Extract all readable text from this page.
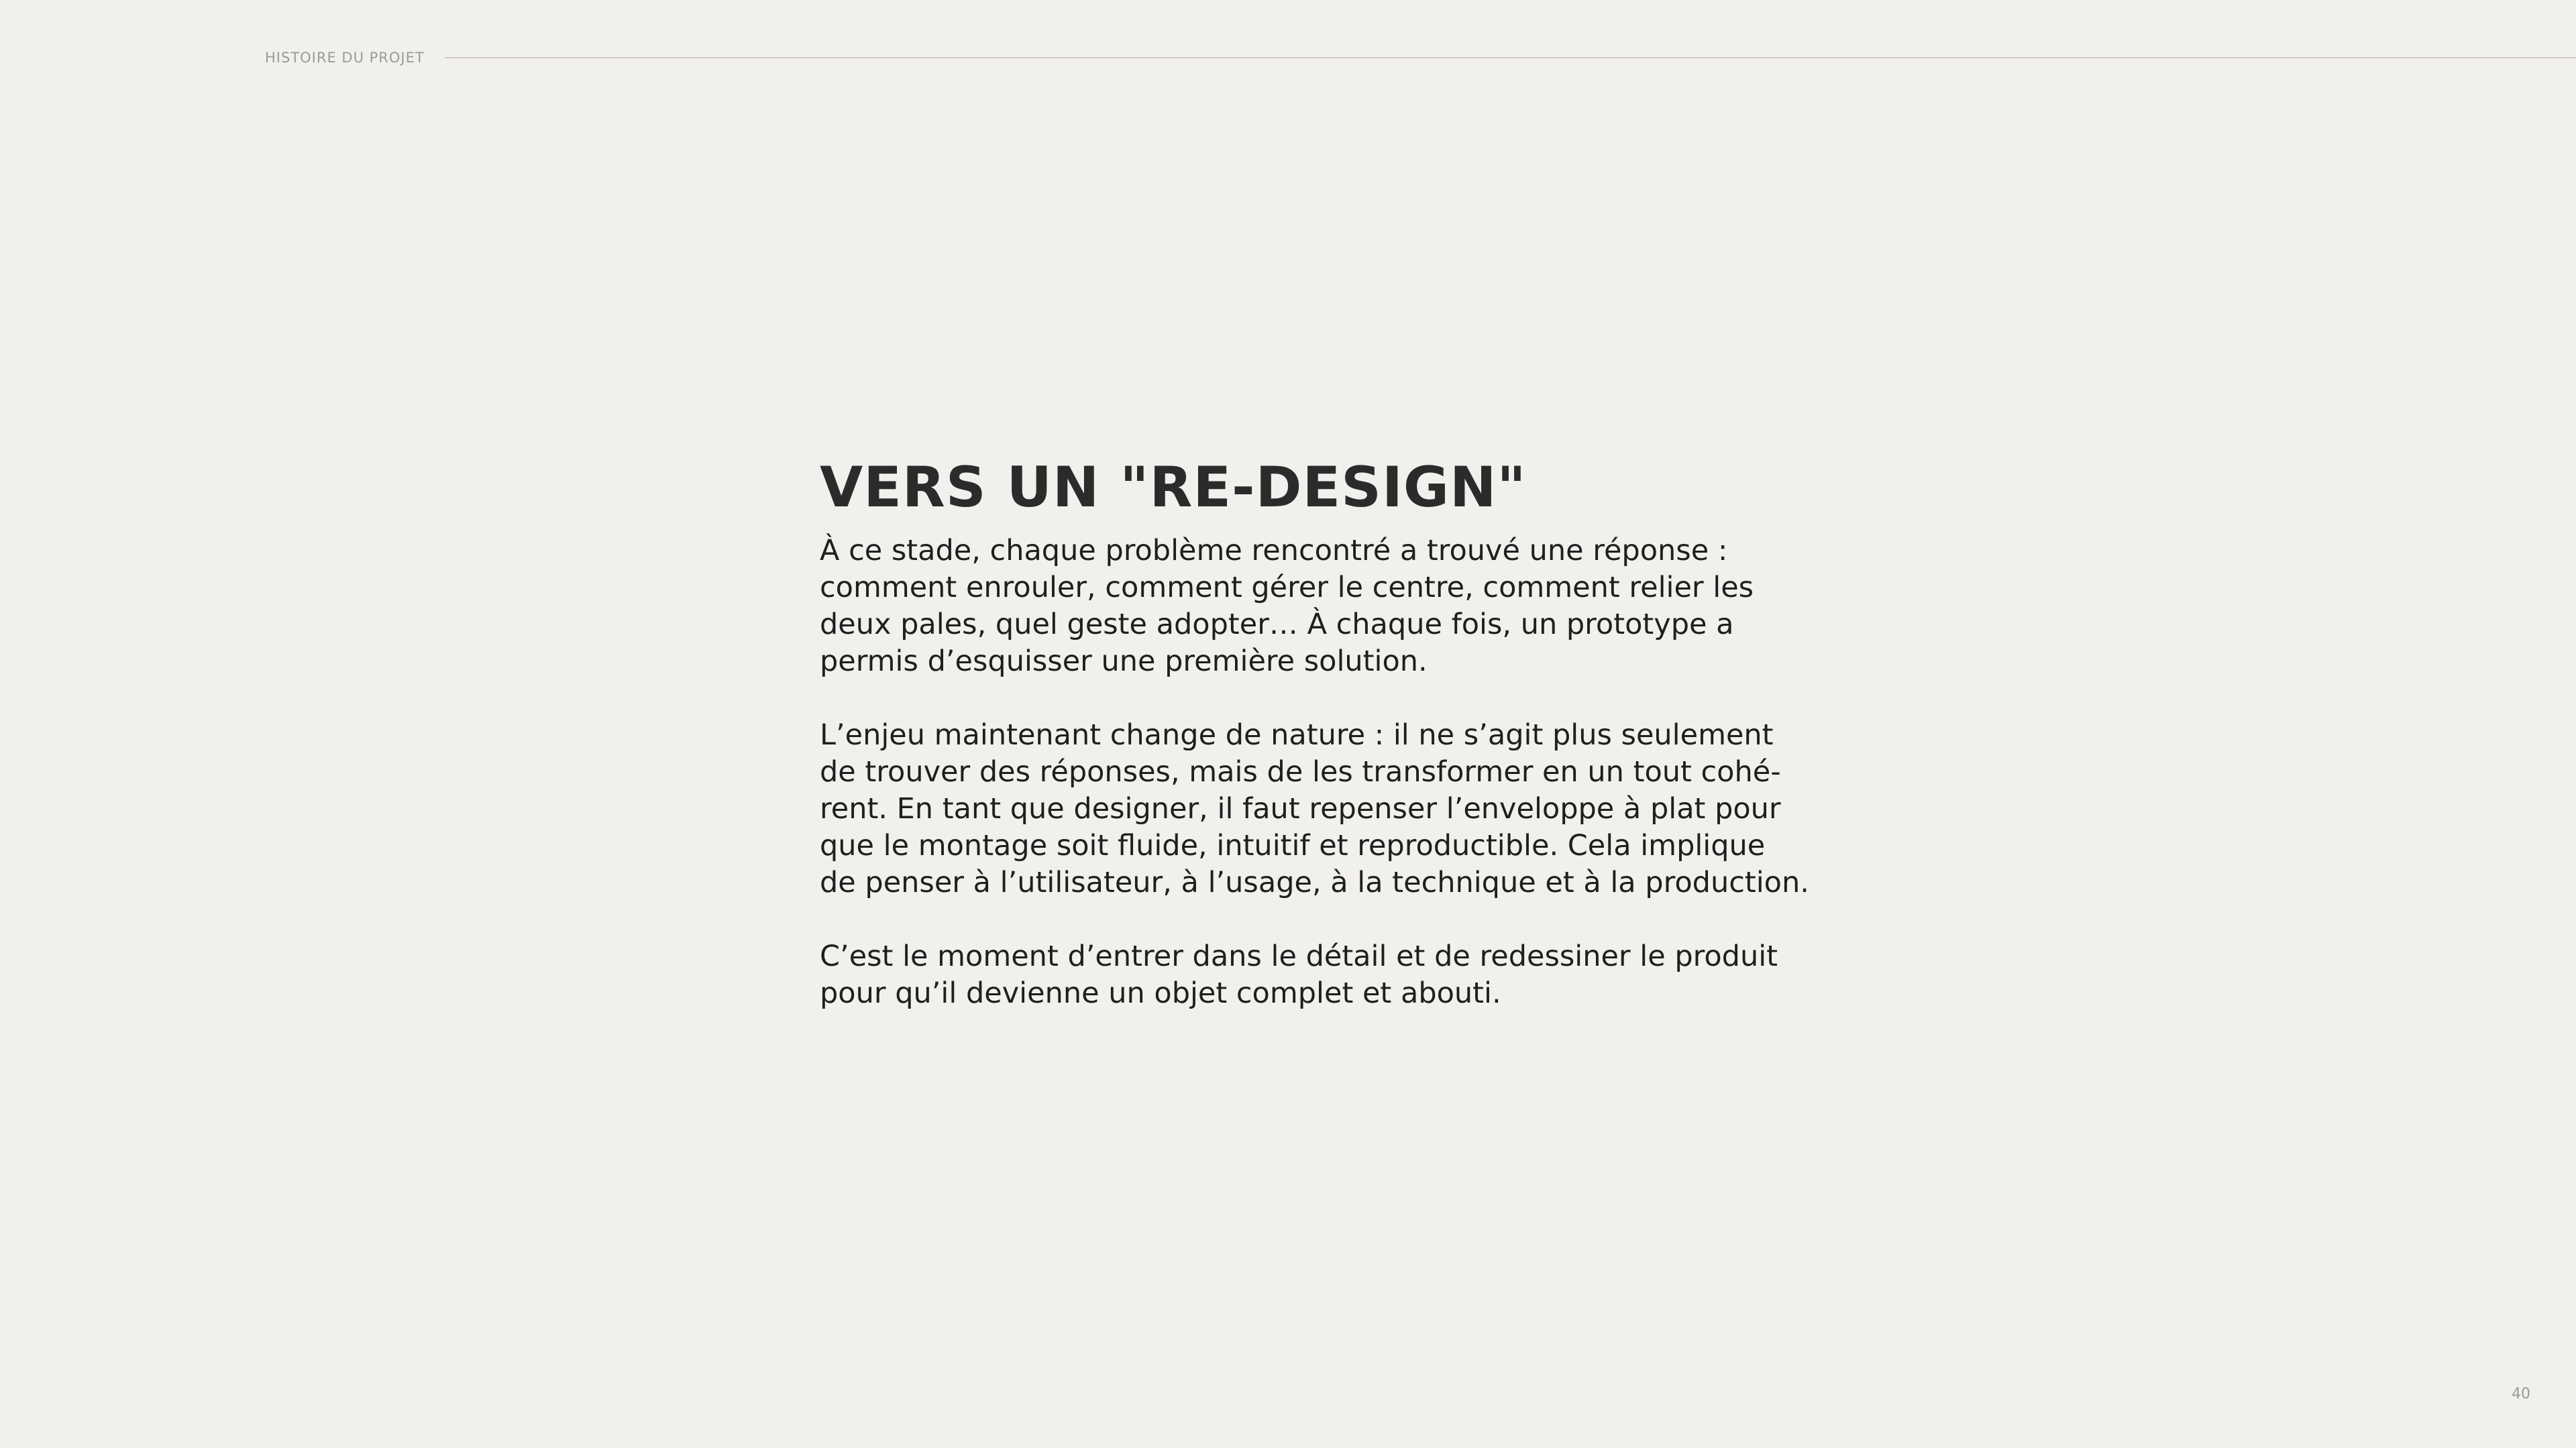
HISTOIRE DU PROJET
VERS UN "RE-DESIGN"

À ce stade, chaque problème rencontré a trouvé une réponse :
comment enrouler, comment gérer le centre, comment relier les
deux pales, quel geste adopter… À chaque fois, un prototype a
permis d’esquisser une première solution.

L’enjeu maintenant change de nature : il ne s’agit plus seulement
de trouver des réponses, mais de les transformer en un tout cohé-
rent. En tant que designer, il faut repenser l’enveloppe à plat pour
que le montage soit fluide, intuitif et reproductible. Cela implique
de penser à l’utilisateur, à l’usage, à la technique et à la production.

C’est le moment d’entrer dans le détail et de redessiner le produit
pour qu’il devienne un objet complet et abouti.

40
